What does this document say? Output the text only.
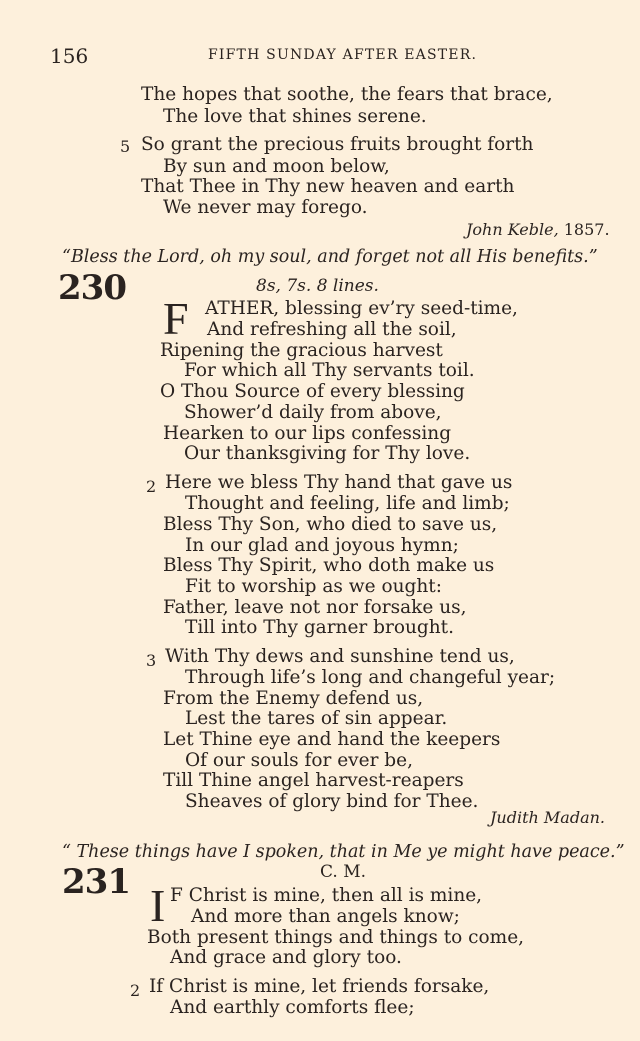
156	FIFTH SUNDAY AFTER EASTER.
The hopes that soothe, the fears that brace,
The love that shines serene.
5 So grant the precious fruits brought forth
By sun and moon below,
That Thee in Thy new heaven and earth
We never may forego.
John Keble, 1857.
“Bless the Lord, oh my soul, and forget not all His benefits.”
230	8s, 7s. 8 lines.
F ATHER, blessing ev’ry seed-time,
And refreshing all the soil,
Ripening the gracious harvest
For which all Thy servants toil.
O Thou Source of every blessing
Shower’d daily from above,
Hearken to our lips confessing
Our thanksgiving for Thy love.
2 Here we bless Thy hand that gave us
Thought and feeling, life and limb;
Bless Thy Son, who died to save us,
In our glad and joyous hymn;
Bless Thy Spirit, who doth make us
Fit to worship as we ought:
Father, leave not nor forsake us,
Till into Thy garner brought.
3 With Thy dews and sunshine tend us,
Through life’s long and changeful year;
From the Enemy defend us,
Lest the tares of sin appear.
Let Thine eye and hand the keepers
Of our souls for ever be,
Till Thine angel harvest-reapers
Sheaves of glory bind for Thee.
Judith Madan.
“ These things have I spoken, that in Me ye might have peace.”
231	C. M.
I F Christ is mine, then all is mine,
And more than angels know;
Both present things and things to come,
And grace and glory too.
2 If Christ is mine, let friends forsake,
And earthly comforts flee;
